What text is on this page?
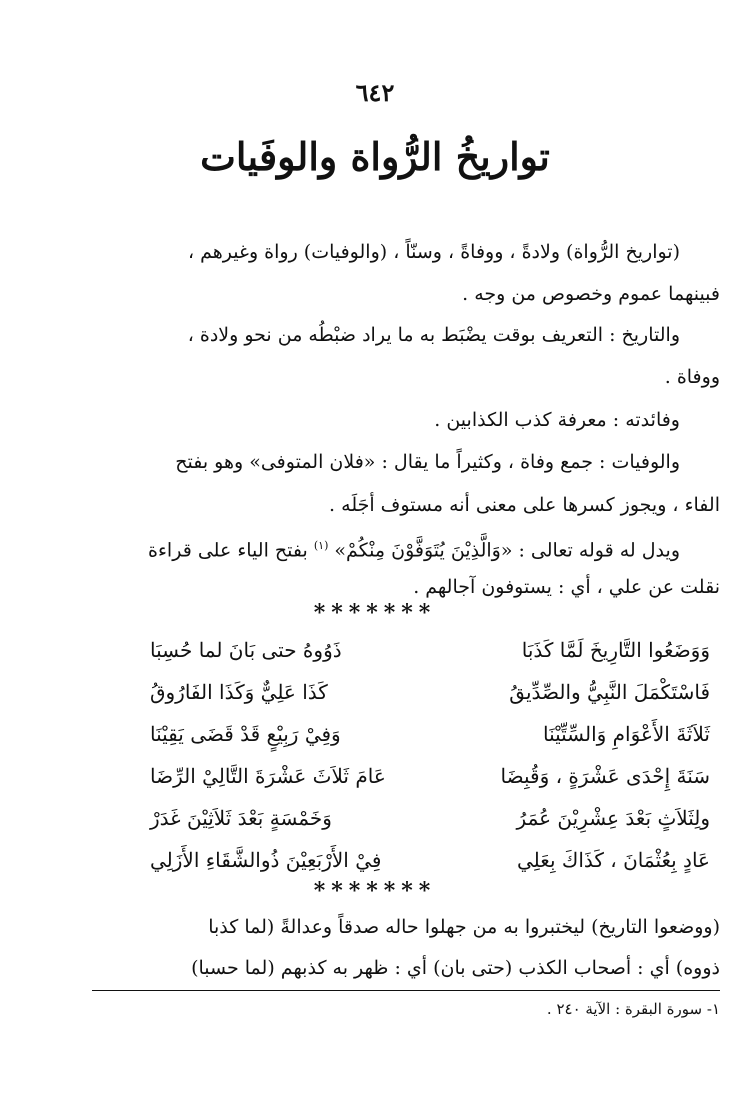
٦٤٢
تواريخُ الرُّواة والوفَيات

(تواريخ الرُّواة) ولادةً ، ووفاةً ، وسنّاً ، (والوفيات) رواة وغيرهم ،

فبينهما عموم وخصوص من وجه .

والتاريخ : التعريف بوقت يضْبَط به ما يراد ضبْطُه من نحو ولادة ،

ووفاة .

وفائدته : معرفة كذب الكذابين .

والوفيات : جمع وفاة ، وكثيراً ما يقال : «فلان المتوفى» وهو بفتح

الفاء ، ويجوز كسرها على معنى أنه مستوف أجَلَه .

ويدل له قوله تعالى : «وَالَّذِيْنَ يُتَوَفَّوْنَ مِنْكُمْ» $^{(١)}$ بفتح الياء على قراءة

نقلت عن علي ، أي : يستوفون آجالهم .

*******
وَوَضَعُوا التَّارِيخَ لَمَّا كَذَبَا
ذَوُوهُ حتى بَانَ لما حُسِبَا
فَاسْتَكْمَلَ النَّبِيُّ والصِّدِّيقُ
كَذَا عَلِيٌّ وَكَذَا الفَارُوقُ
ثَلاَثَةَ الأَعْوَامِ وَالسِّتِّيْنَا
وَفِيْ رَبِيْعٍ قَدْ قَضَى يَقِيْنَا
سَنَةَ إِحْدَى عَشْرَةٍ ، وَقُبِضَا
عَامَ ثَلاَثَ عَشْرَةَ التَّالِيْ الرِّضَا
ولِثَلاَثٍ بَعْدَ عِشْرِيْنَ عُمَرُ
وَخَمْسَةٍ بَعْدَ ثَلاَثِيْنَ غَدَرْ
عَادٍ بِعُثْمَانَ ، كَذَاكَ بِعَلِي
فِيْ الأَرْبَعِيْنَ ذُوالشَّقَاءِ الأَزَلِي
*******

(ووضعوا التاريخ) ليختبروا به من جهلوا حاله صدقاً وعدالةً (لما كذبا

ذووه) أي : أصحاب الكذب (حتى بان) أي : ظهر به كذبهم (لما حسبا)

١- سورة البقرة : الآية ٢٤٠ .
